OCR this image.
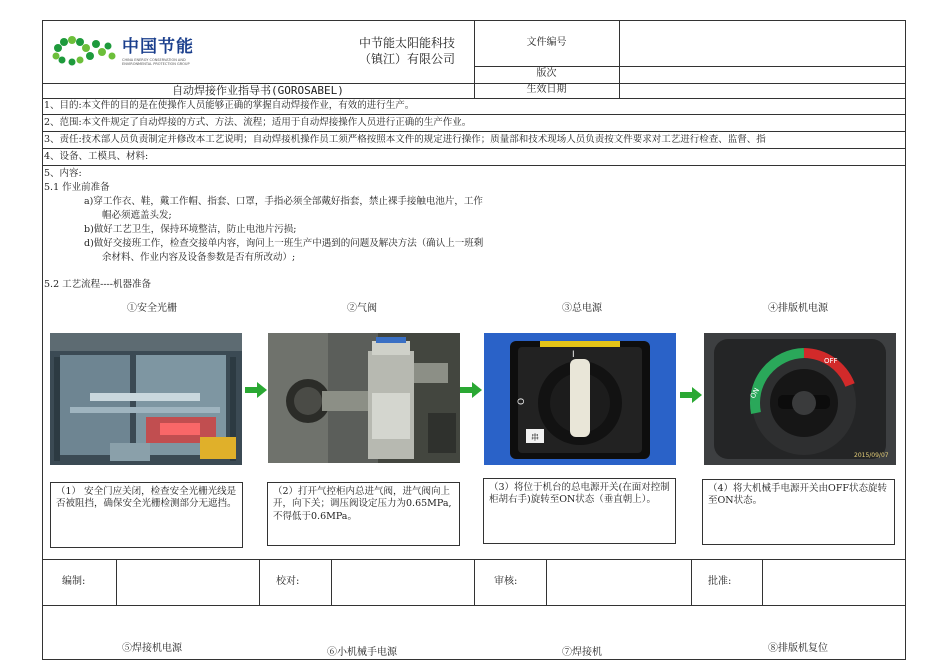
中国节能
CHINA ENERGY CONSERVATION AND ENVIRONMENTAL PROTECTION GROUP
中节能太阳能科技
（镇江）有限公司
文件编号
版次
生效日期
自动焊接作业指导书(GOROSABEL)
1、目的:本文件的目的是在使操作人员能够正确的掌握自动焊接作业，有效的进行生产。
2、范围:本文件规定了自动焊接的方式、方法、流程；适用于自动焊接操作人员进行正确的生产作业。
3、责任:技术部人员负责制定并修改本工艺说明；自动焊接机操作员工须严格按照本文件的规定进行操作；质量部和技术现场人员负责按文件要求对工艺进行检查、监督、指
4、设备、工模具、材料:
5、内容:
5.1 作业前准备
a)穿工作衣、鞋，戴工作帽、指套、口罩，手指必须全部戴好指套，禁止裸手接触电池片，工作
帽必须遮盖头发;
b)做好工艺卫生，保持环境整洁，防止电池片污损;
d)做好交接班工作，检查交接单内容，询问上一班生产中遇到的问题及解决方法（确认上一班剩
余材料、作业内容及设备参数是否有所改动）;
5.2 工艺流程----机器准备
①安全光栅	②气阀	③总电源	④排版机电源
串
O
I
OFF
ON
2015/09/07
（1） 安全门应关闭，检查安全光栅光线是否被阻挡，确保安全光栅检测部分无遮挡。
（2）打开气控柜内总进气阀，进气阀向上开，向下关；调压阀设定压力为0.65MPa,不得低于0.6MPa。
（3）将位于机台的总电源开关(在面对控制柜胡右手)旋转至ON状态（垂直朝上）。
（4）将大机械手电源开关由OFF状态旋转至ON状态。
编制:	校对:	审核:	批准:
⑤焊接机电源	⑥小机械手电源	⑦焊接机	⑧排版机复位
